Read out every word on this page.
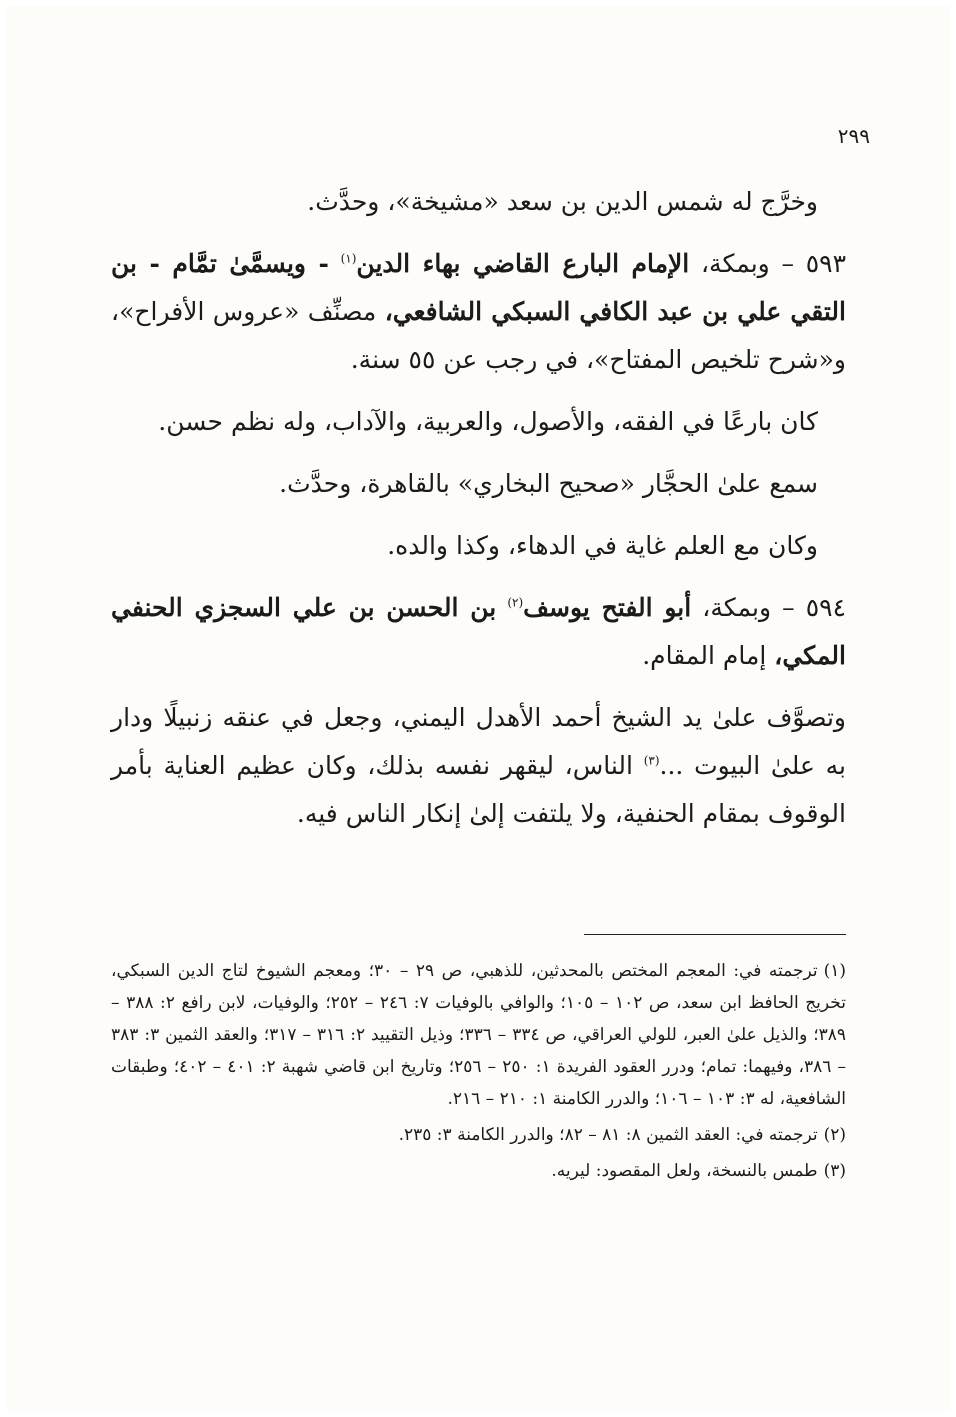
٢٩٩

وخرَّج له شمس الدين بن سعد «مشيخة»، وحدَّث.

٥٩٣ – وبمكة، الإمام البارع القاضي بهاء الدين$^{(١)}$ - ويسمَّىٰ تمَّام - بن التقي علي بن عبد الكافي السبكي الشافعي، مصنِّف «عروس الأفراح»، و«شرح تلخيص المفتاح»، في رجب عن ٥٥ سنة.

كان بارعًا في الفقه، والأصول، والعربية، والآداب، وله نظم حسن.

سمع علىٰ الحجَّار «صحيح البخاري» بالقاهرة، وحدَّث.

وكان مع العلم غاية في الدهاء، وكذا والده.

٥٩٤ – وبمكة، أبو الفتح يوسف$^{(٢)}$ بن الحسن بن علي السجزي الحنفي المكي، إمام المقام.

وتصوَّف علىٰ يد الشيخ أحمد الأهدل اليمني، وجعل في عنقه زنبيلًا ودار به علىٰ البيوت ...$^{(٣)}$ الناس، ليقهر نفسه بذلك، وكان عظيم العناية بأمر الوقوف بمقام الحنفية، ولا يلتفت إلىٰ إنكار الناس فيه.

(١)ترجمته في: المعجم المختص بالمحدثين، للذهبي، ص ٢٩ – ٣٠؛ ومعجم الشيوخ لتاج الدين السبكي، تخريج الحافظ ابن سعد، ص ١٠٢ – ١٠٥؛ والوافي بالوفيات ٧: ٢٤٦ – ٢٥٢؛ والوفيات، لابن رافع ٢: ٣٨٨ – ٣٨٩؛ والذيل علىٰ العبر، للولي العراقي، ص ٣٣٤ – ٣٣٦؛ وذيل التقييد ٢: ٣١٦ – ٣١٧؛ والعقد الثمين ٣: ٣٨٣ – ٣٨٦، وفيهما: تمام؛ ودرر العقود الفريدة ١: ٢٥٠ – ٢٥٦؛ وتاريخ ابن قاضي شهبة ٢: ٤٠١ – ٤٠٢؛ وطبقات الشافعية، له ٣: ١٠٣ – ١٠٦؛ والدرر الكامنة ١: ٢١٠ – ٢١٦.

(٢)ترجمته في: العقد الثمين ٨: ٨١ – ٨٢؛ والدرر الكامنة ٣: ٢٣٥.

(٣)طمس بالنسخة، ولعل المقصود: ليريه.
